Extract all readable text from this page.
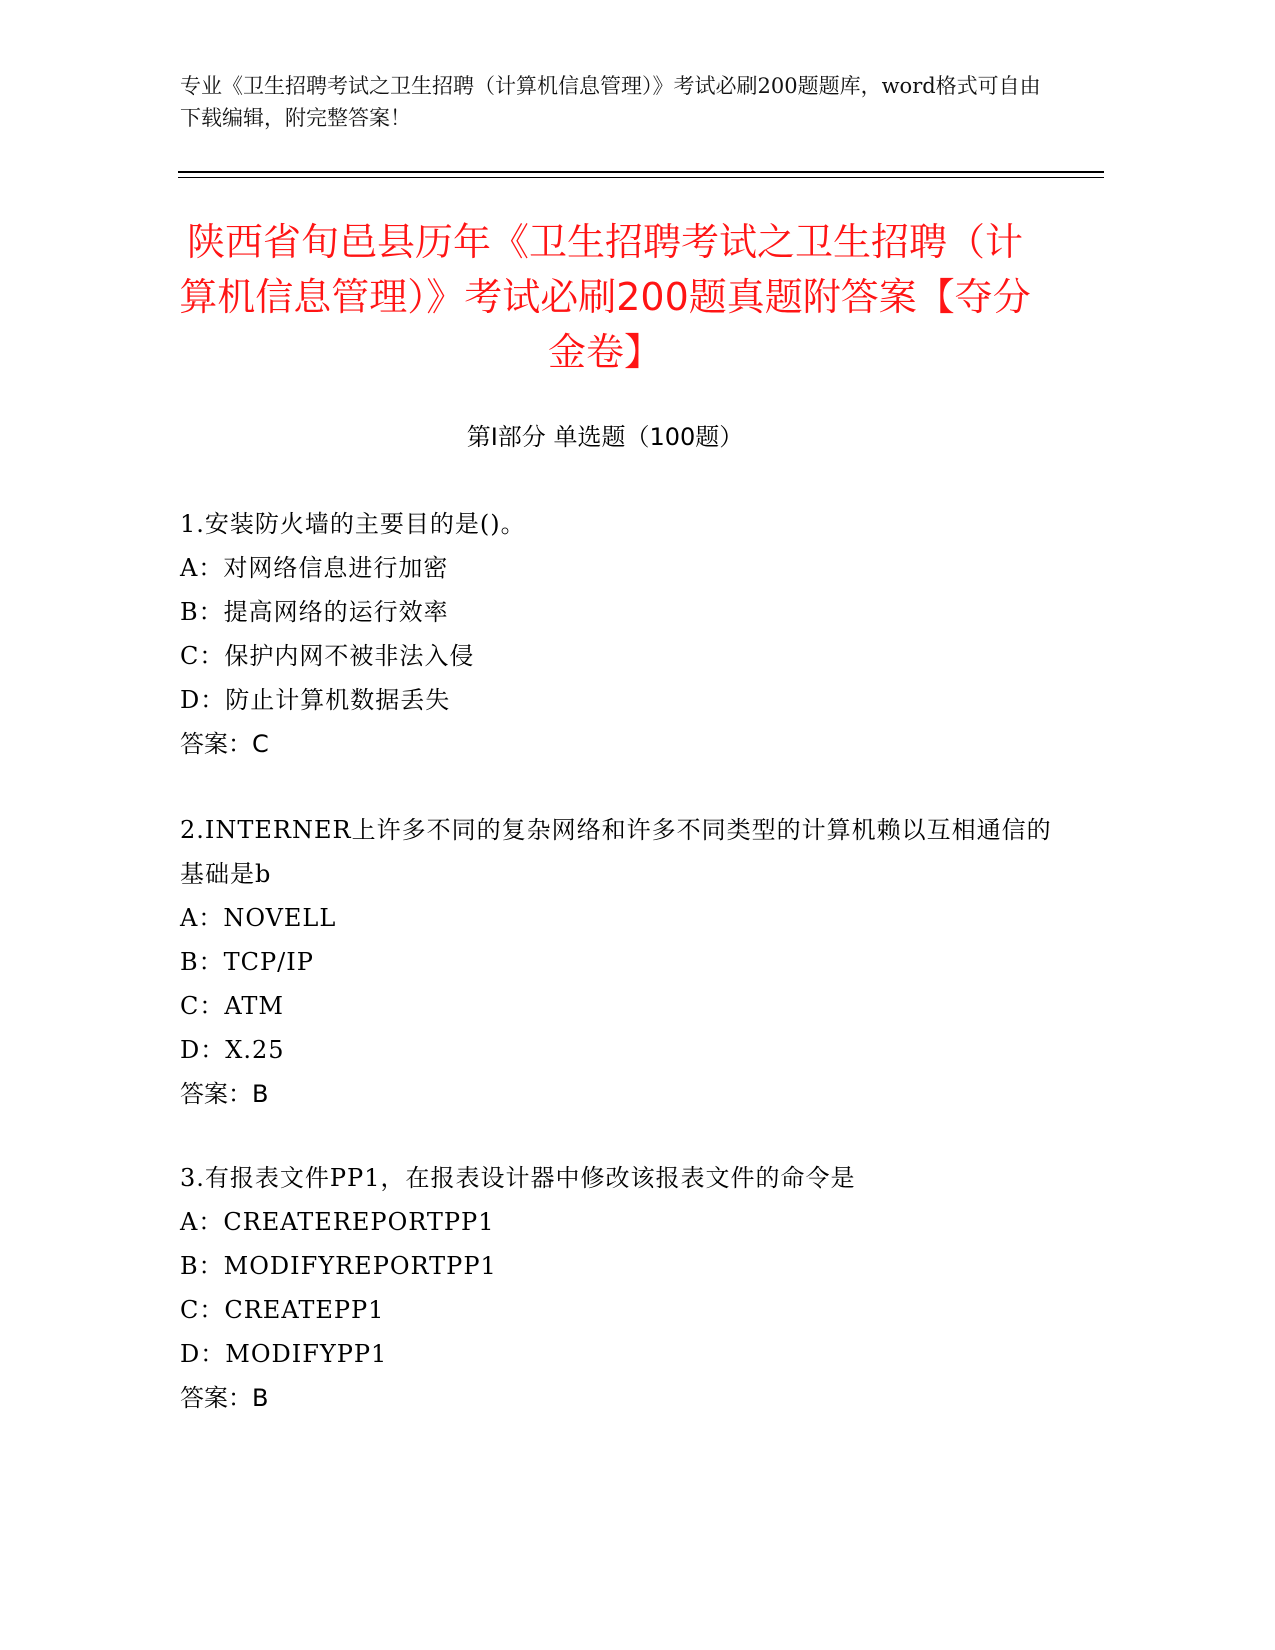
专业《卫生招聘考试之卫生招聘（计算机信息管理）》考试必刷200题题库，word格式可自由下载编辑，附完整答案！

陕西省旬邑县历年《卫生招聘考试之卫生招聘（计算机信息管理）》考试必刷200题真题附答案【夺分金卷】
第Ⅰ部分 单选题（100题）

1.安装防火墙的主要目的是()。

A：对网络信息进行加密

B：提高网络的运行效率

C：保护内网不被非法入侵

D：防止计算机数据丢失

答案：C

2.INTERNER上许多不同的复杂网络和许多不同类型的计算机赖以互相通信的基础是b

A：NOVELL

B：TCP/IP

C：ATM

D：X.25

答案：B

3.有报表文件PP1，在报表设计器中修改该报表文件的命令是

A：CREATEREPORTPP1

B：MODIFYREPORTPP1

C：CREATEPP1

D：MODIFYPP1

答案：B
